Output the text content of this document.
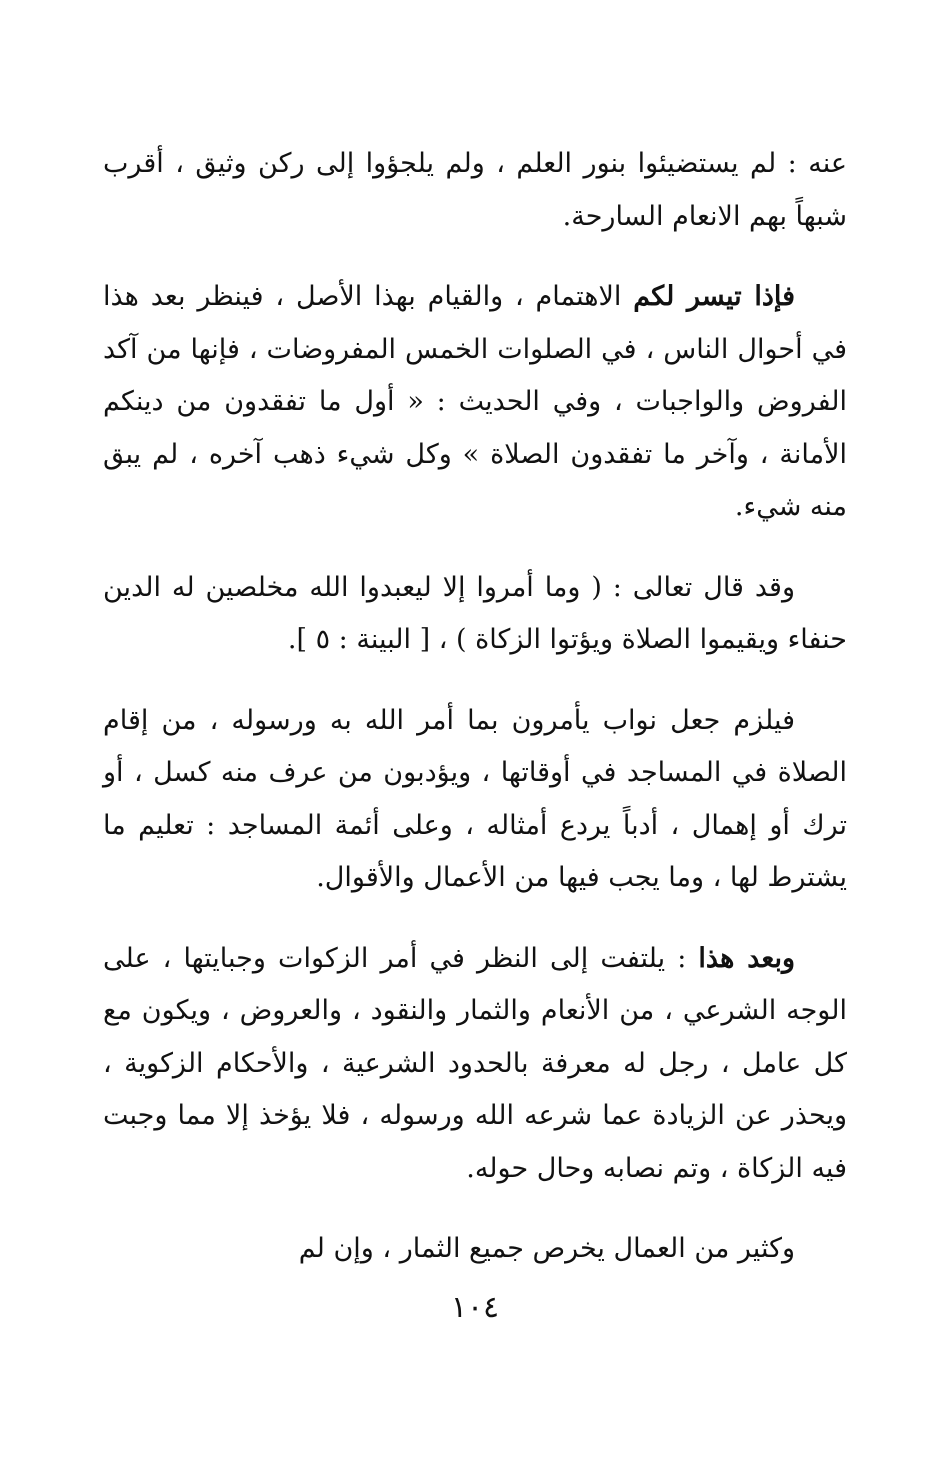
عنه : لم يستضيئوا بنور العلم ، ولم يلجؤوا إلى ركن وثيق ، أقرب شبهاً بهم الانعام السارحة.

فإذا تيسر لكم الاهتمام ، والقيام بهذا الأصل ، فينظر بعد هذا في أحوال الناس ، في الصلوات الخمس المفروضات ، فإنها من آكد الفروض والواجبات ، وفي الحديث : « أول ما تفقدون من دينكم الأمانة ، وآخر ما تفقدون الصلاة » وكل شيء ذهب آخره ، لم يبق منه شيء.

وقد قال تعالى : ( وما أمروا إلا ليعبدوا الله مخلصين له الدين حنفاء ويقيموا الصلاة ويؤتوا الزكاة ) ، [ البينة : ٥ ].

فيلزم جعل نواب يأمرون بما أمر الله به ورسوله ، من إقام الصلاة في المساجد في أوقاتها ، ويؤدبون من عرف منه كسل ، أو ترك أو إهمال ، أدباً يردع أمثاله ، وعلى أئمة المساجد : تعليم ما يشترط لها ، وما يجب فيها من الأعمال والأقوال.

وبعد هذا : يلتفت إلى النظر في أمر الزكوات وجبايتها ، على الوجه الشرعي ، من الأنعام والثمار والنقود ، والعروض ، ويكون مع كل عامل ، رجل له معرفة بالحدود الشرعية ، والأحكام الزكوية ، ويحذر عن الزيادة عما شرعه الله ورسوله ، فلا يؤخذ إلا مما وجبت فيه الزكاة ، وتم نصابه وحال حوله.

وكثير من العمال يخرص جميع الثمار ، وإن لم

١٠٤
